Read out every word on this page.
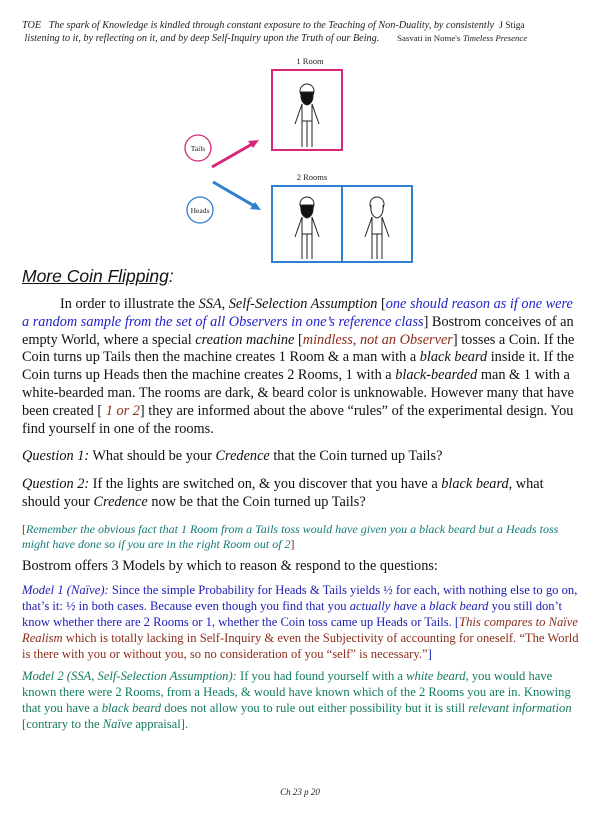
TOE The spark of Knowledge is kindled through constant exposure to the Teaching of Non-Duality, by consistently J Stiga
listening to it, by reflecting on it, and by deep Self-Inquiry upon the Truth of our Being. Sasvati in Nome's Timeless Presence
1 Room
2 Rooms
Tails
Heads
More Coin Flipping:

In order to illustrate the SSA, Self-Selection Assumption [one should reason as if one were a random sample from the set of all Observers in one’s reference class] Bostrom conceives of an empty World, where a special creation machine [mindless, not an Observer] tosses a Coin. If the Coin turns up Tails then the machine creates 1 Room & a man with a black beard inside it. If the Coin turns up Heads then the machine creates 2 Rooms, 1 with a black-bearded man & 1 with a white-bearded man. The rooms are dark, & beard color is unknowable. However many that have been created [ 1 or 2] they are informed about the above “rules” of the experimental design. You find yourself in one of the rooms.

Question 1: What should be your Credence that the Coin turned up Tails?

Question 2: If the lights are switched on, & you discover that you have a black beard, what should your Credence now be that the Coin turned up Tails?

[Remember the obvious fact that 1 Room from a Tails toss would have given you a black beard but a Heads toss might have done so if you are in the right Room out of 2]

Bostrom offers 3 Models by which to reason & respond to the questions:

Model 1 (Naïve): Since the simple Probability for Heads & Tails yields ½ for each, with nothing else to go on, that’s it: ½ in both cases. Because even though you find that you actually have a black beard you still don’t know whether there are 2 Rooms or 1, whether the Coin toss came up Heads or Tails. [This compares to Naïve Realism which is totally lacking in Self-Inquiry & even the Subjectivity of accounting for oneself. “The World is there with you or without you, so no consideration of you “self” is necessary.”]

Model 2 (SSA, Self-Selection Assumption): If you had found yourself with a white beard, you would have known there were 2 Rooms, from a Heads, & would have known which of the 2 Rooms you are in. Knowing that you have a black beard does not allow you to rule out either possibility but it is still relevant information [contrary to the Naïve appraisal].

Ch 23 p 20
